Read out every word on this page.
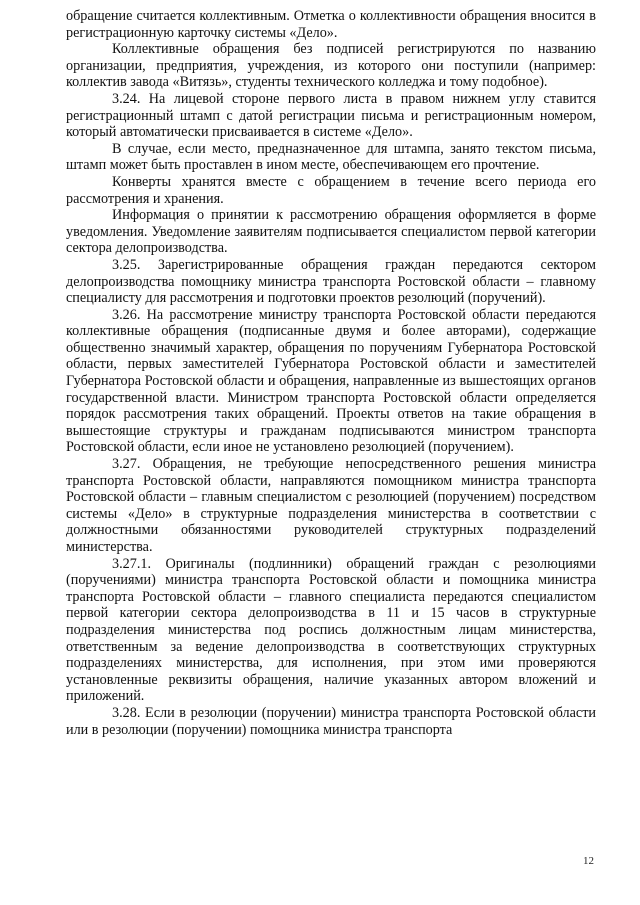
обращение считается коллективным. Отметка о коллективности обращения вносится в регистрационную карточку системы «Дело».

Коллективные обращения без подписей регистрируются по названию организации, предприятия, учреждения, из которого они поступили (например: коллектив завода «Витязь», студенты технического колледжа и тому подобное).

3.24. На лицевой стороне первого листа в правом нижнем углу ставится регистрационный штамп с датой регистрации письма и регистрационным номером, который автоматически присваивается в системе «Дело».

В случае, если место, предназначенное для штампа, занято текстом письма, штамп может быть проставлен в ином месте, обеспечивающем его прочтение.

Конверты хранятся вместе с обращением в течение всего периода его рассмотрения и хранения.

Информация о принятии к рассмотрению обращения оформляется в форме уведомления. Уведомление заявителям подписывается специалистом первой категории сектора делопроизводства.

3.25. Зарегистрированные обращения граждан передаются сектором делопроизводства помощнику министра транспорта Ростовской области – главному специалисту для рассмотрения и подготовки проектов резолюций (поручений).

3.26. На рассмотрение министру транспорта Ростовской области передаются коллективные обращения (подписанные двумя и более авторами), содержащие общественно значимый характер, обращения по поручениям Губернатора Ростовской области, первых заместителей Губернатора Ростовской области и заместителей Губернатора Ростовской области и обращения, направленные из вышестоящих органов государственной власти. Министром транспорта Ростовской области определяется порядок рассмотрения таких обращений. Проекты ответов на такие обращения в вышестоящие структуры и гражданам подписываются министром транспорта Ростовской области, если иное не установлено резолюцией (поручением).

3.27. Обращения, не требующие непосредственного решения министра транспорта Ростовской области, направляются помощником министра транспорта Ростовской области – главным специалистом с резолюцией (поручением) посредством системы «Дело» в структурные подразделения министерства в соответствии с должностными обязанностями руководителей структурных подразделений министерства.

3.27.1. Оригиналы (подлинники) обращений граждан с резолюциями (поручениями) министра транспорта Ростовской области и помощника министра транспорта Ростовской области – главного специалиста передаются специалистом первой категории сектора делопроизводства в 11 и 15 часов в структурные подразделения министерства под роспись должностным лицам министерства, ответственным за ведение делопроизводства в соответствующих структурных подразделениях министерства, для исполнения, при этом ими проверяются установленные реквизиты обращения, наличие указанных автором вложений и приложений.

3.28. Если в резолюции (поручении) министра транспорта Ростовской области или в резолюции (поручении) помощника министра транспорта

12
